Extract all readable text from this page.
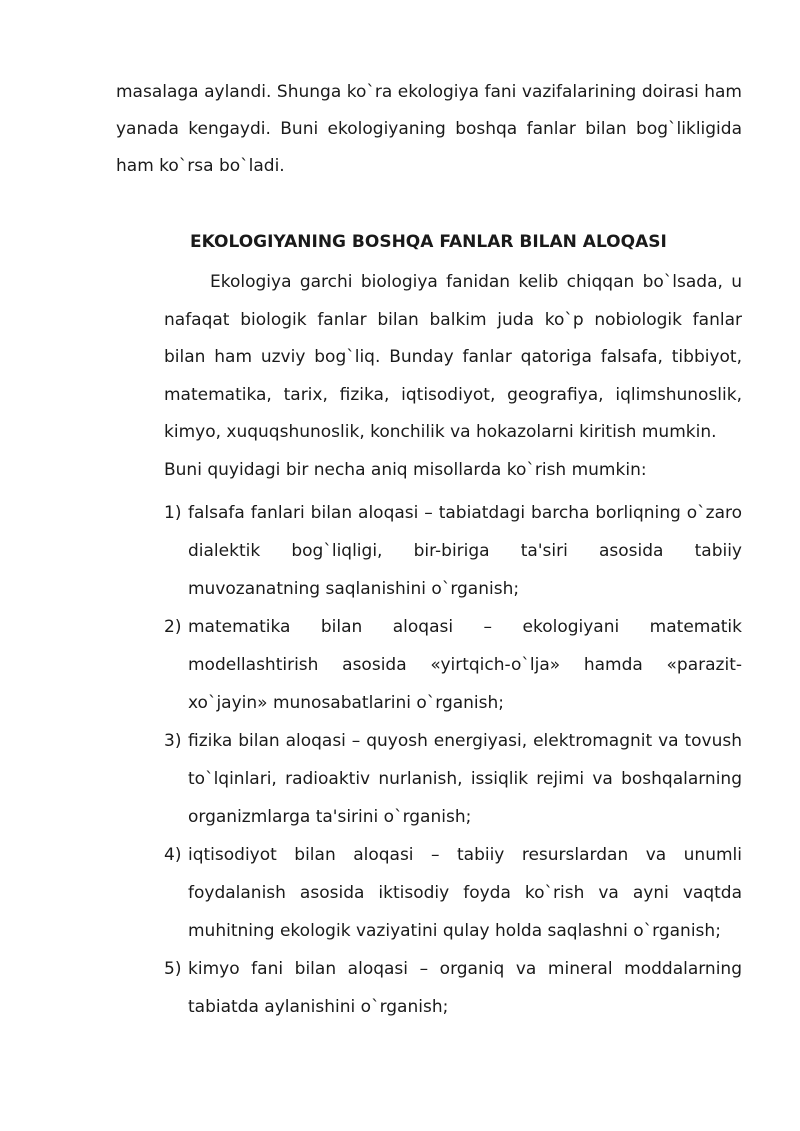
masalaga aylandi. Shunga ko`ra ekologiya fani vazifalarining doirasi ham yanada kengaydi. Buni ekologiyaning boshqa fanlar bilan bog`likligida ham ko`rsa bo`ladi.

EKOLOGIYANING BOSHQA FANLAR BILAN ALOQASI

Ekologiya garchi biologiya fanidan kelib chiqqan bo`lsada, u nafaqat biologik fanlar bilan balkim juda ko`p nobiologik fanlar bilan ham uzviy bog`liq. Bunday fanlar qatoriga falsafa, tibbiyot, matematika, tarix, fizika, iqtisodiyot, geografiya, iqlimshunoslik, kimyo, xuquqshunoslik, konchilik va hokazolarni kiritish mumkin.

Buni quyidagi bir necha aniq misollarda ko`rish mumkin:

1) falsafa fanlari bilan aloqasi – tabiatdagi barcha borliqning o`zaro dialektik bog`liqligi, bir-biriga ta'siri asosida tabiiy muvozanatning saqlanishini o`rganish;
2) matematika bilan aloqasi – ekologiyani matematik modellashtirish asosida «yirtqich-o`lja» hamda «parazit-xo`jayin» munosabatlarini o`rganish;
3) fizika bilan aloqasi – quyosh energiyasi, elektromagnit va tovush to`lqinlari, radioaktiv nurlanish, issiqlik rejimi va boshqalarning organizmlarga ta'sirini o`rganish;
4) iqtisodiyot bilan aloqasi – tabiiy resurslardan va unumli foydalanish asosida iktisodiy foyda ko`rish va ayni vaqtda muhitning ekologik vaziyatini qulay holda saqlashni o`rganish;
5) kimyo fani bilan aloqasi – organiq va mineral moddalarning tabiatda aylanishini o`rganish;
